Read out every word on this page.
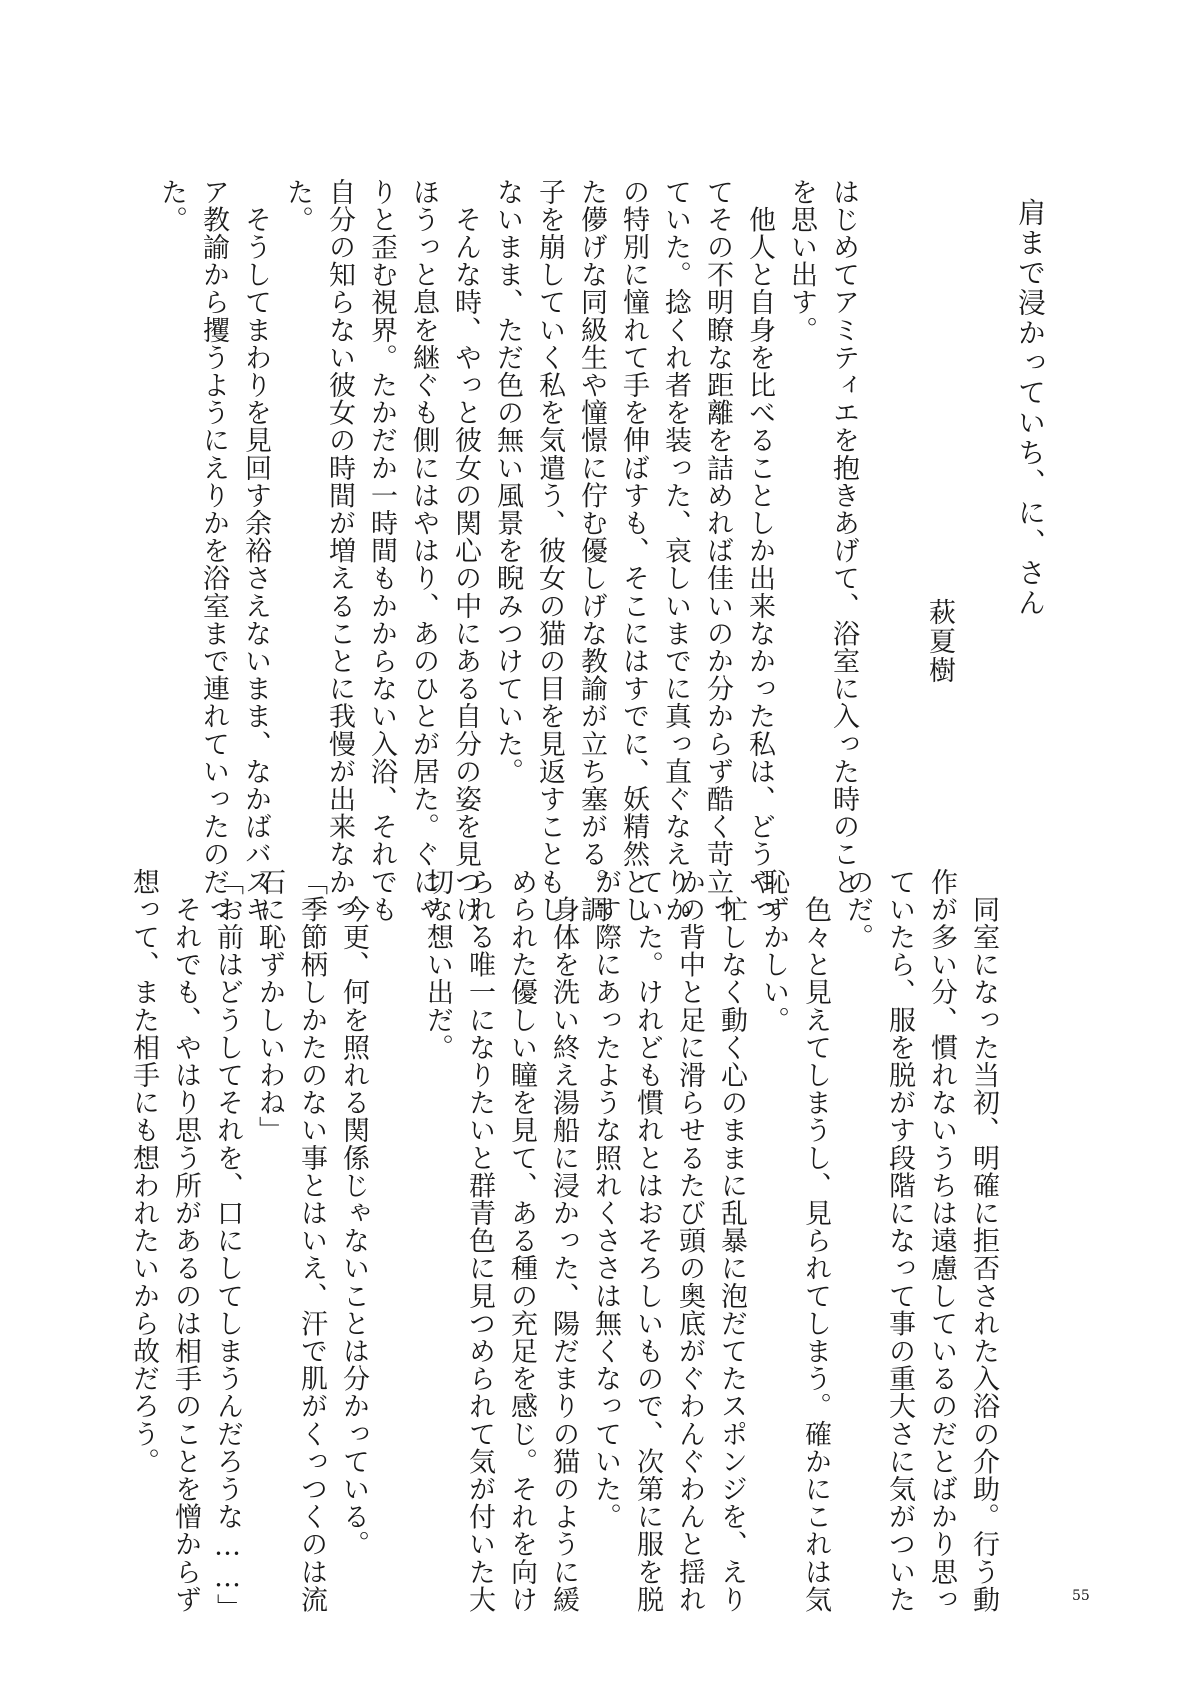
肩まで浸かっていち、に、さん
萩夏樹

はじめてアミティエを抱きあげて、浴室に入った時のこと

を思い出す。

　他人と自身を比べることしか出来なかった私は、どうやっ

てその不明瞭な距離を詰めれば佳いのか分からず酷く苛立っ

ていた。捻くれ者を装った、哀しいまでに真っ直ぐなえりか

の特別に憧れて手を伸ばすも、そこにはすでに、妖精然とし

た儚げな同級生や憧憬に佇む優しげな教諭が立ち塞がる。調

子を崩していく私を気遣う、彼女の猫の目を見返すこともし

ないまま、ただ色の無い風景を睨みつけていた。

　そんな時、やっと彼女の関心の中にある自分の姿を見つけ、

ほうっと息を継ぐも側にはやはり、あのひとが居た。ぐにゃ

りと歪む視界。たかだか一時間もかからない入浴、それでも

自分の知らない彼女の時間が増えることに我慢が出来なかっ

た。

　そうしてまわりを見回す余裕さえないまま、なかばバスキ

ア教諭から攫うようにえりかを浴室まで連れていったのだっ

た。

　同室になった当初、明確に拒否された入浴の介助。行う動

作が多い分、慣れないうちは遠慮しているのだとばかり思っ

ていたら、服を脱がす段階になって事の重大さに気がついた

のだ。

　色々と見えてしまうし、見られてしまう。確かにこれは気

恥ずかしい。

　忙しなく動く心のままに乱暴に泡だてたスポンジを、えり

かの背中と足に滑らせるたび頭の奥底がぐわんぐわんと揺れ

ていた。けれども慣れとはおそろしいもので、次第に服を脱

がす際にあったような照れくささは無くなっていた。

　身体を洗い終え湯船に浸かった、陽だまりの猫のように緩

められた優しい瞳を見て、ある種の充足を感じ。それを向け

られる唯一になりたいと群青色に見つめられて気が付いた大

切な想い出だ。

　今更、何を照れる関係じゃないことは分かっている。

「季節柄しかたのない事とはいえ、汗で肌がくっつくのは流

石に恥ずかしいわね」

「お前はどうしてそれを、口にしてしまうんだろうな……」

　それでも、やはり思う所があるのは相手のことを憎からず

想って、また相手にも想われたいから故だろう。

55
